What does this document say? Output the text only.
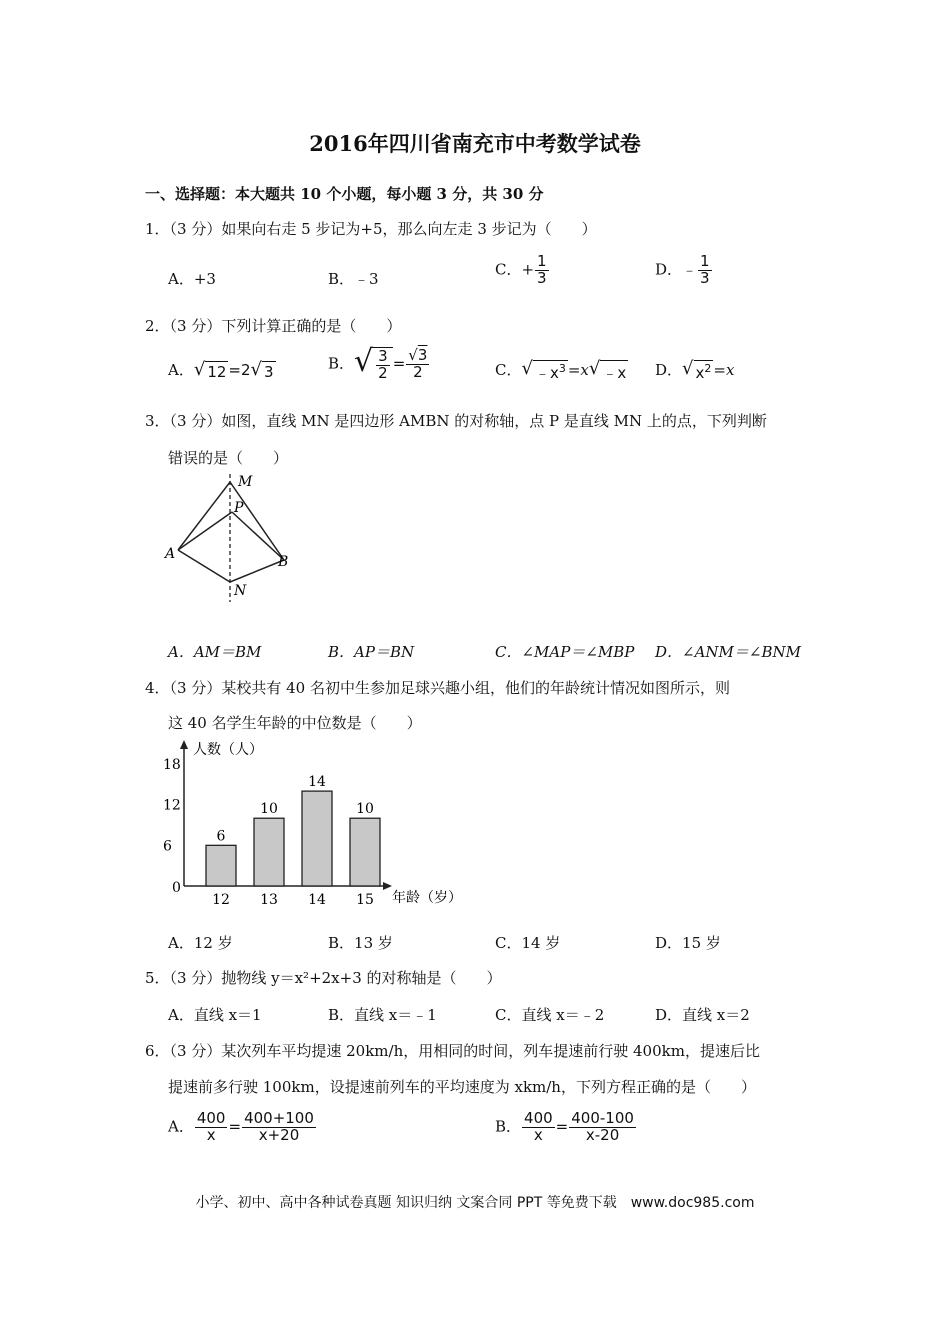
2016年四川省南充市中考数学试卷
一、选择题：本大题共 10 个小题，每小题 3 分，共 30 分
1．（3 分）如果向右走 5 步记为+5，那么向左走 3 步记为（　　）
A．+3	B．﹣3
C．+ $\frac{1}{3}$	D．﹣ $\frac{1}{3}$
2．（3 分）下列计算正确的是（　　）
A． √ 12 =2 √ 3	B． √ $\frac{3}{2} = \frac{√3}{2}$	C． √ $﹣x^3 =x$ √ ﹣x D． √ $x^2 =x$
3．（3 分）如图，直线 MN 是四边形 AMBN 的对称轴，点 P 是直线 MN 上的点，下列判断
错误的是（　　）
M
P
A	B
N
A．AM＝BM	B．AP＝BN	C．∠MAP＝∠MBP D．∠ANM＝∠BNM
4．（3 分）某校共有 40 名初中生参加足球兴趣小组，他们的年龄统计情况如图所示，则
这 40 名学生年龄的中位数是（　　）
人数（人）
年龄（岁）
0
6
12
18
6
12
10
13
14
14
10
15
A．12 岁	B．13 岁	C．14 岁	D．15 岁
5．（3 分）抛物线 y＝x²+2x+3 的对称轴是（　　）
A．直线 x＝1	B．直线 x＝﹣1	C．直线 x＝﹣2	D．直线 x＝2
6．（3 分）某次列车平均提速 20km/h，用相同的时间，列车提速前行驶 400km，提速后比
提速前多行驶 100km，设提速前列车的平均速度为 xkm/h，下列方程正确的是（　　）
A． $\frac{400}{x} = \frac{400+100}{x+20}$	B． $\frac{400}{x} = \frac{400-100}{x-20}$
小学、初中、高中各种试卷真题 知识归纳 文案合同 PPT 等免费下载　www.doc985.com
